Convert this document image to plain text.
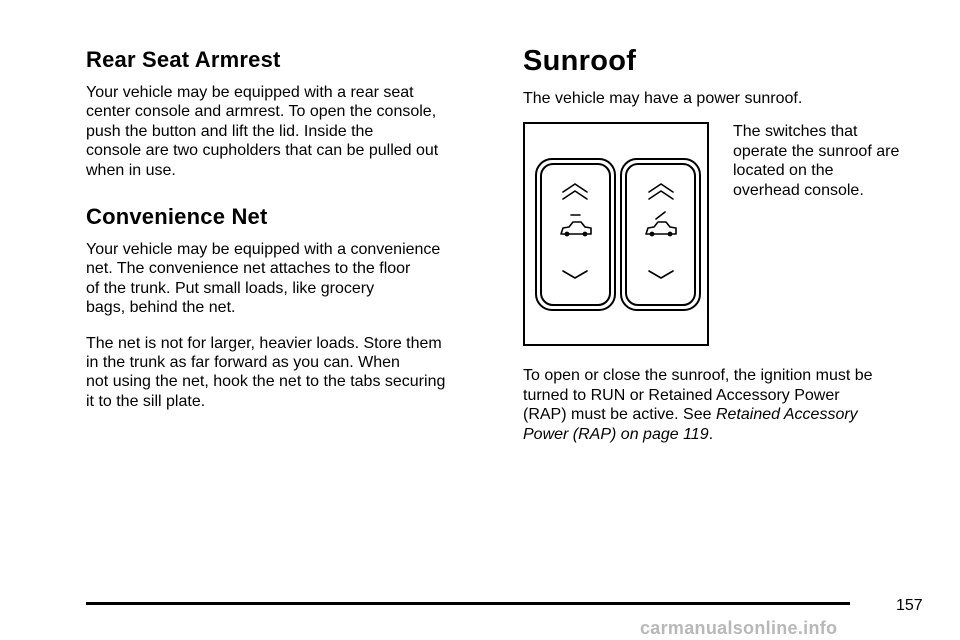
Rear Seat Armrest

Your vehicle may be equipped with a rear seat
center console and armrest. To open the console,
push the button and lift the lid. Inside the
console are two cupholders that can be pulled out
when in use.

Convenience Net

Your vehicle may be equipped with a convenience
net. The convenience net attaches to the floor
of the trunk. Put small loads, like grocery
bags, behind the net.

The net is not for larger, heavier loads. Store them
in the trunk as far forward as you can. When
not using the net, hook the net to the tabs securing
it to the sill plate.

Sunroof

The vehicle may have a power sunroof.

The switches that
operate the sunroof are
located on the
overhead console.

To open or close the sunroof, the ignition must be
turned to RUN or Retained Accessory Power
(RAP) must be active. See Retained Accessory
Power (RAP) on page 119.

157
carmanualsonline.info
